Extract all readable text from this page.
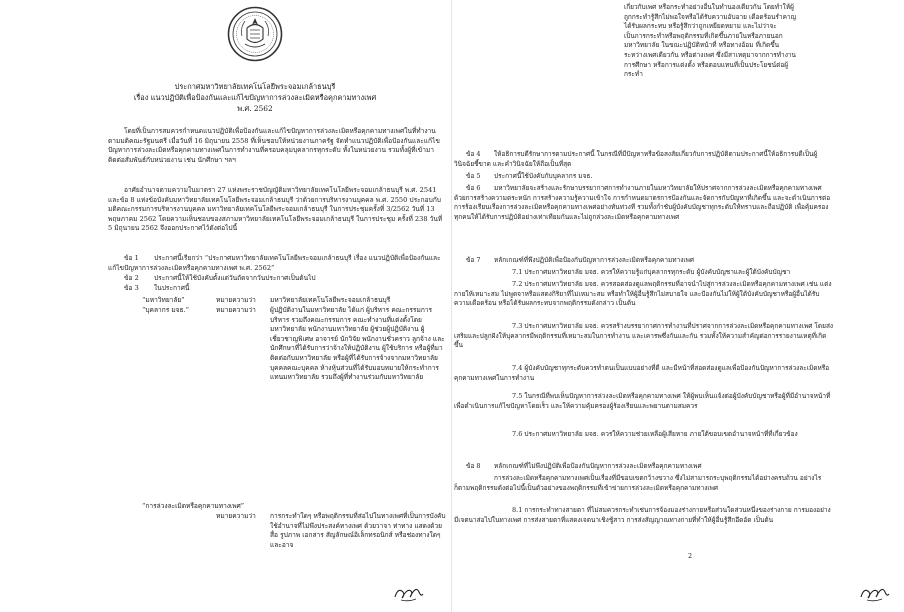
ประกาศมหาวิทยาลัยเทคโนโลยีพระจอมเกล้าธนบุรี
เรื่อง แนวปฏิบัติเพื่อป้องกันและแก้ไขปัญหาการล่วงละเมิดหรือคุกคามทางเพศ
พ.ศ. 2562
โดยที่เป็นการสมควรกำหนดแนวปฏิบัติเพื่อป้องกันและแก้ไขปัญหาการล่วงละเมิดหรือคุกคามทางเพศในที่ทำงานตามมติคณะรัฐมนตรี เมื่อวันที่ 16 มิถุนายน 2558 ที่เห็นชอบให้หน่วยงานภาครัฐ จัดทำแนวปฏิบัติเพื่อป้องกันและแก้ไขปัญหาการล่วงละเมิดหรือคุกคามทางเพศในการทำงานที่ครอบคลุมบุคลากรทุกระดับ ทั้งในหน่วยงาน รวมทั้งผู้ที่เข้ามาติดต่อสัมพันธ์กับหน่วยงาน เช่น นักศึกษา ฯลฯ
อาศัยอำนาจตามความในมาตรา 27 แห่งพระราชบัญญัติมหาวิทยาลัยเทคโนโลยีพระจอมเกล้าธนบุรี พ.ศ. 2541 และข้อ 8 แห่งข้อบังคับมหาวิทยาลัยเทคโนโลยีพระจอมเกล้าธนบุรี ว่าด้วยการบริหารงานบุคคล พ.ศ. 2550 ประกอบกับมติคณะกรรมการบริหารงานบุคคล มหาวิทยาลัยเทคโนโลยีพระจอมเกล้าธนบุรี ในการประชุมครั้งที่ 3/2562 วันที่ 13 พฤษภาคม 2562 โดยความเห็นชอบของสภามหาวิทยาลัยเทคโนโลยีพระจอมเกล้าธนบุรี ในการประชุม ครั้งที่ 238 วันที่ 5 มิถุนายน 2562 จึงออกประกาศไว้ดังต่อไปนี้
ข้อ 1	ประกาศนี้เรียกว่า “ประกาศมหาวิทยาลัยเทคโนโลยีพระจอมเกล้าธนบุรี เรื่อง แนวปฏิบัติเพื่อป้องกันและแก้ไขปัญหาการล่วงละเมิดหรือคุกคามทางเพศ พ.ศ. 2562”
ข้อ 2 ประกาศนี้ให้ใช้บังคับตั้งแต่วันถัดจากวันประกาศเป็นต้นไป
ข้อ 3 ในประกาศนี้
“มหาวิทยาลัย”	หมายความว่า มหาวิทยาลัยเทคโนโลยีพระจอมเกล้าธนบุรี
“บุคลากร มจธ.”	หมายความว่า ผู้ปฏิบัติงานในมหาวิทยาลัย ได้แก่ ผู้บริหาร คณะกรรมการบริหาร รวมถึงคณะกรรมการ คณะทำงานที่แต่งตั้งโดยมหาวิทยาลัย พนักงานมหาวิทยาลัย ผู้ช่วยผู้ปฏิบัติงาน ผู้เชี่ยวชาญพิเศษ อาจารย์ นักวิจัย พนักงานชั่วคราว ลูกจ้าง และนักศึกษาที่ได้รับการว่าจ้างให้ปฏิบัติงาน ผู้ใช้บริการ หรือผู้ที่มาติดต่อกับมหาวิทยาลัย หรือผู้ที่ได้รับการจ้างจากมหาวิทยาลัย บุคคลคณะบุคคล ห้างหุ้นส่วนที่ได้รับมอบหมายให้กระทำการแทนมหาวิทยาลัย รวมถึงผู้ที่ทำงานร่วมกับมหาวิทยาลัย
“การล่วงละเมิดหรือคุกคามทางเพศ”
หมายความว่า การกระทำใดๆ หรือพฤติกรรมที่ส่อไปในทางเพศที่เป็นการบังคับ ใช้อำนาจที่ไม่พึงประสงค์ทางเพศ ด้วยวาจา ท่าทาง แสดงด้วยสื่อ รูปภาพ เอกสาร สัญลักษณ์อิเล็กทรอนิกส์ หรือช่องทางใดๆ และอาจ
เกี่ยวกับเพศ หรือกระทำอย่างอื่นในทำนองเดียวกัน โดยทำให้ผู้ถูกกระทำรู้สึกไม่พอใจหรือได้รับความอับอาย เดือดร้อนรำคาญ ได้รับผลกระทบ หรือรู้สึกว่าถูกเหยียดหยาม และไม่ว่าจะเป็นการกระทำหรือพฤติกรรมที่เกิดขึ้นภายในหรือภายนอกมหาวิทยาลัย ในขณะปฏิบัติหน้าที่ หรือทางอ้อม ที่เกิดขึ้นระหว่างเพศเดียวกัน หรือต่างเพศ ซึ่งมีสาเหตุมาจากการทำงาน การศึกษา หรือการแต่งตั้ง หรือตอบแทนที่เป็นประโยชน์ต่อผู้กระทำ
ข้อ 4	ให้อธิการบดีรักษาการตามประกาศนี้ ในกรณีที่มีปัญหาหรือข้อสงสัยเกี่ยวกับการปฏิบัติตามประกาศนี้ให้อธิการบดีเป็นผู้วินิจฉัยชี้ขาด และคำวินิจฉัยให้ถือเป็นที่สุด
ข้อ 5 ประกาศนี้ใช้บังคับกับบุคลากร มจธ.
ข้อ 6	มหาวิทยาลัยจะสร้างและรักษาบรรยากาศการทำงานภายในมหาวิทยาลัยให้ปราศจากการล่วงละเมิดหรือคุกคามทางเพศ ด้วยการสร้างความตระหนัก การสร้างความรู้ความเข้าใจ การกำหนดมาตรการป้องกันและจัดการกับปัญหาที่เกิดขึ้น และจะดำเนินการต่อการร้องเรียนเรื่องการล่วงละเมิดหรือคุกคามทางเพศอย่างทันท่วงที รวมทั้งกำชับผู้บังคับบัญชาทุกระดับให้ทราบและถือปฏิบัติ เพื่อคุ้มครองทุกคนให้ได้รับการปฏิบัติอย่างเท่าเทียมกันและไม่ถูกล่วงละเมิดหรือคุกคามทางเพศ
ข้อ 7 หลักเกณฑ์ที่พึงปฏิบัติเพื่อป้องกันปัญหาการล่วงละเมิดหรือคุกคามทางเพศ
7.1 ประกาศมหาวิทยาลัย มจธ. ควรให้ความรู้แก่บุคลากรทุกระดับ ผู้บังคับบัญชาและผู้ใต้บังคับบัญชา
7.2 ประกาศมหาวิทยาลัย มจธ. ควรสอดส่องดูแลพฤติกรรมที่อาจนำไปสู่การล่วงละเมิดหรือคุกคามทางเพศ เช่น แต่งกายให้เหมาะสม ไม่พูดจาหรือแสดงกิริยาที่ไม่เหมาะสม หรือทำให้ผู้อื่นรู้สึกไม่สบายใจ และป้องกันไม่ให้ผู้ใต้บังคับบัญชาหรือผู้อื่นได้รับความเดือดร้อน หรือได้รับผลกระทบจากพฤติกรรมดังกล่าว เป็นต้น
7.3 ประกาศมหาวิทยาลัย มจธ. ควรสร้างบรรยากาศการทำงานที่ปราศจากการล่วงละเมิดหรือคุกคามทางเพศ โดยส่งเสริมและปลูกฝังให้บุคลากรมีพฤติกรรมที่เหมาะสมในการทำงาน และเคารพซึ่งกันและกัน รวมทั้งให้ความสำคัญต่อการรายงานเหตุที่เกิดขึ้น
7.4 ผู้บังคับบัญชาทุกระดับควรทำตนเป็นแบบอย่างที่ดี และมีหน้าที่สอดส่องดูแลเพื่อป้องกันปัญหาการล่วงละเมิดหรือคุกคามทางเพศในการทำงาน
7.5 ในกรณีที่พบเห็นปัญหาการล่วงละเมิดหรือคุกคามทางเพศ ให้ผู้พบเห็นแจ้งต่อผู้บังคับบัญชาหรือผู้ที่มีอำนาจหน้าที่ เพื่อดำเนินการแก้ไขปัญหาโดยเร็ว และให้ความคุ้มครองผู้ร้องเรียนและพยานตามสมควร
7.6 ประกาศมหาวิทยาลัย มจธ. ควรให้ความช่วยเหลือผู้เสียหาย ภายใต้ขอบเขตอำนาจหน้าที่ที่เกี่ยวข้อง
ข้อ 8 หลักเกณฑ์ที่ไม่พึงปฏิบัติเพื่อป้องกันปัญหาการล่วงละเมิดหรือคุกคามทางเพศ
การล่วงละเมิดหรือคุกคามทางเพศเป็นเรื่องที่มีขอบเขตกว้างขวาง ซึ่งไม่สามารถระบุพฤติกรรมได้อย่างครบถ้วน อย่างไรก็ตามพฤติกรรมดังต่อไปนี้เป็นตัวอย่างของพฤติกรรมที่เข้าข่ายการล่วงละเมิดหรือคุกคามทางเพศ
8.1 การกระทำทางสายตา ที่ไม่สมควรกระทำเช่นการจ้องมองร่างกายหรือส่วนใดส่วนหนึ่งของร่างกาย การมองอย่างมีเจตนาส่อไปในทางเพศ การส่งสายตาที่แสดงเจตนาเชิงชู้สาว การส่งสัญญาณทางกายที่ทำให้ผู้อื่นรู้สึกอึดอัด เป็นต้น
2
